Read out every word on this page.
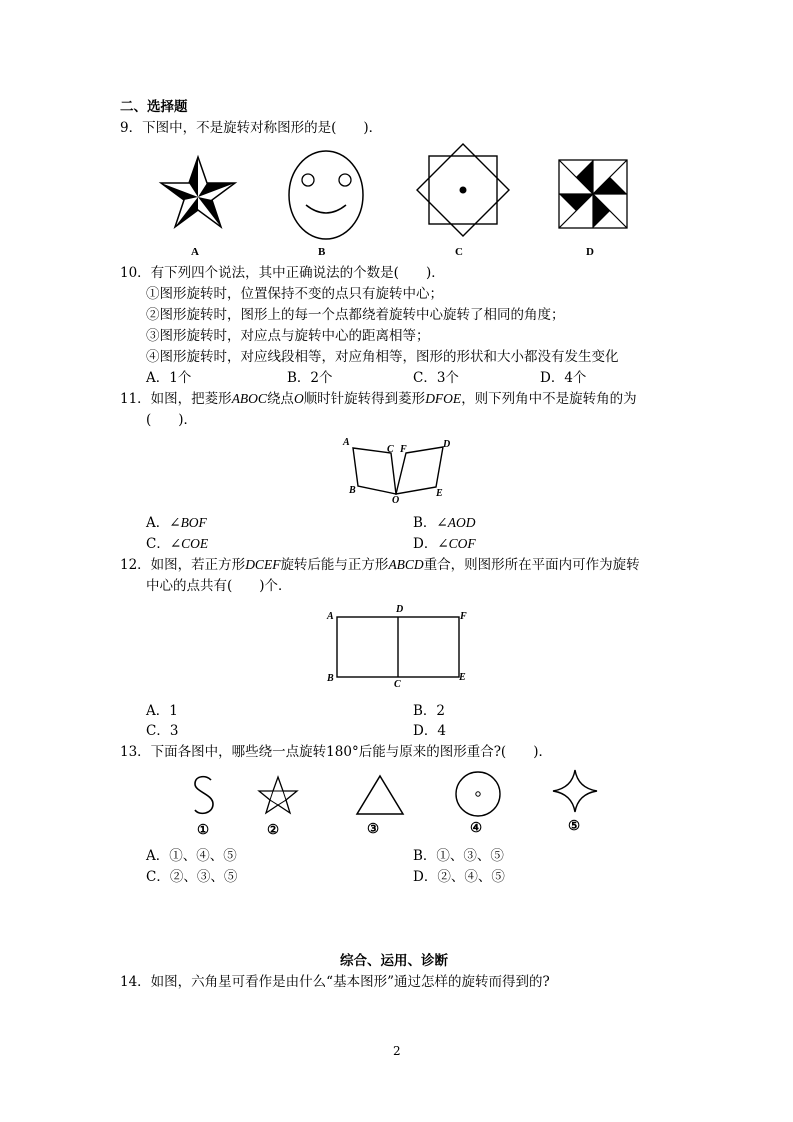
二、选择题
9．下图中，不是旋转对称图形的是(　　)．
A	B	C	D
10．有下列四个说法，其中正确说法的个数是(　　)．
①图形旋转时，位置保持不变的点只有旋转中心；
②图形旋转时，图形上的每一个点都绕着旋转中心旋转了相同的角度；
③图形旋转时，对应点与旋转中心的距离相等；
④图形旋转时，对应线段相等，对应角相等，图形的形状和大小都没有发生变化
A．1个	B．2个	C．3个	D．4个
11．如图，把菱形ABOC绕点O顺时针旋转得到菱形DFOE，则下列角中不是旋转角的为
(　　)．
A
C F	D
B
O
E
A．∠BOF	B．∠AOD
C．∠COE	D．∠COF
12．如图，若正方形DCEF旋转后能与正方形ABCD重合，则图形所在平面内可作为旋转
中心的点共有(　　)个．
A
D
F
B
C
E
A．1	B．2
C．3	D．4
13．下面各图中，哪些绕一点旋转180°后能与原来的图形重合?(　　)．
①	②	③	④	⑤
A．①、④、⑤	B．①、③、⑤
C．②、③、⑤	D．②、④、⑤
综合、运用、诊断
14．如图，六角星可看作是由什么“基本图形”通过怎样的旋转而得到的?
2
